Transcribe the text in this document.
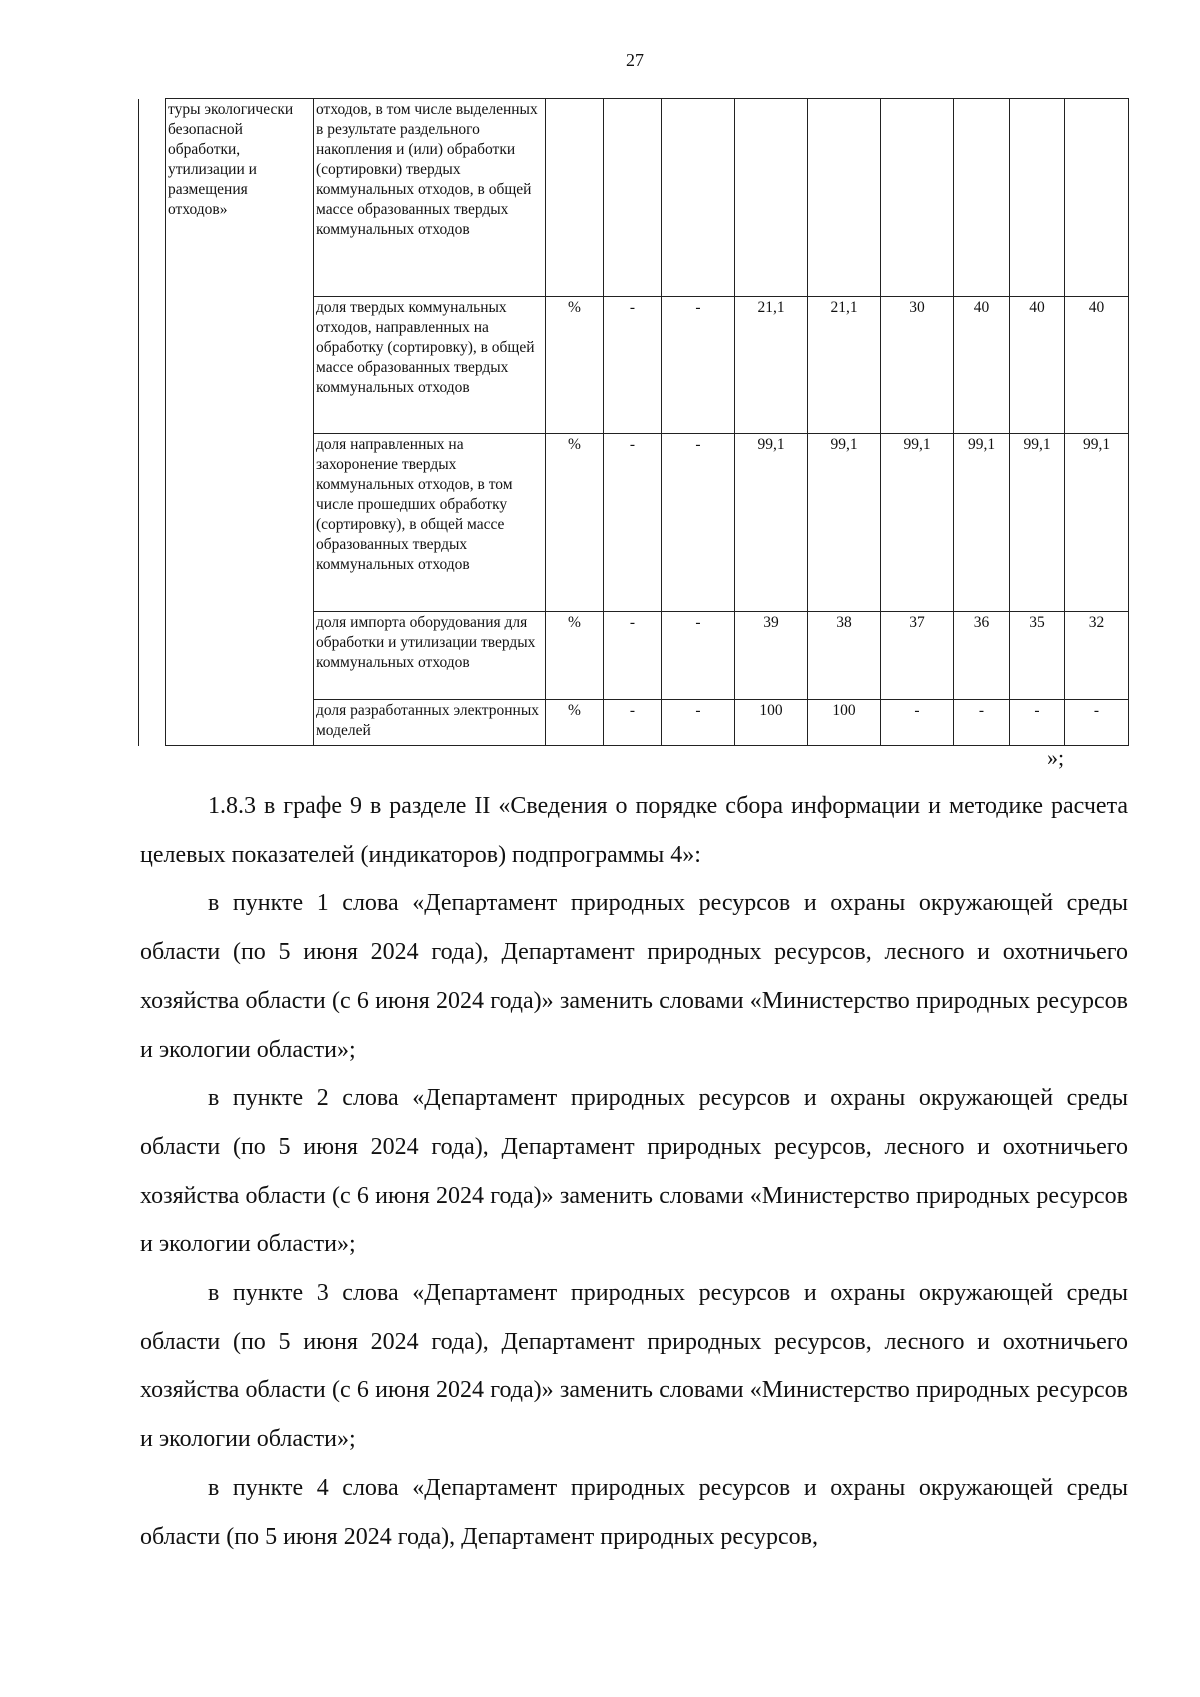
27
	туры экологически безопасной обработки, утилизации и размещения отходов»	отходов, в том числе выделенных в результате раздельного накопления и (или) обработки (сортировки) твердых коммунальных отходов, в общей массе образованных твердых коммунальных отходов									
		доля твердых коммунальных отходов, направленных на обработку (сортировку), в общей массе образованных твердых коммунальных отходов	%	-	-	21,1	21,1	30	40	40	40
		доля направленных на захоронение твердых коммунальных отходов, в том числе прошедших обработку (сортировку), в общей массе образованных твердых коммунальных отходов	%	-	-	99,1	99,1	99,1	99,1	99,1	99,1
		доля импорта оборудования для обработки и утилизации твердых коммунальных отходов	%	-	-	39	38	37	36	35	32
		доля разработанных электронных моделей	%	-	-	100	100	-	-	-	-
»;

1.8.3 в графе 9 в разделе II «Сведения о порядке сбора информации и методике расчета целевых показателей (индикаторов) подпрограммы 4»:

в пункте 1 слова «Департамент природных ресурсов и охраны окружающей среды области (по 5 июня 2024 года), Департамент природных ресурсов, лесного и охотничьего хозяйства области (с 6 июня 2024 года)» заменить словами «Министерство природных ресурсов и экологии области»;

в пункте 2 слова «Департамент природных ресурсов и охраны окружающей среды области (по 5 июня 2024 года), Департамент природных ресурсов, лесного и охотничьего хозяйства области (с 6 июня 2024 года)» заменить словами «Министерство природных ресурсов и экологии области»;

в пункте 3 слова «Департамент природных ресурсов и охраны окружающей среды области (по 5 июня 2024 года), Департамент природных ресурсов, лесного и охотничьего хозяйства области (с 6 июня 2024 года)» заменить словами «Министерство природных ресурсов и экологии области»;

в пункте 4 слова «Департамент природных ресурсов и охраны окружающей среды области (по 5 июня 2024 года), Департамент природных ресурсов,
